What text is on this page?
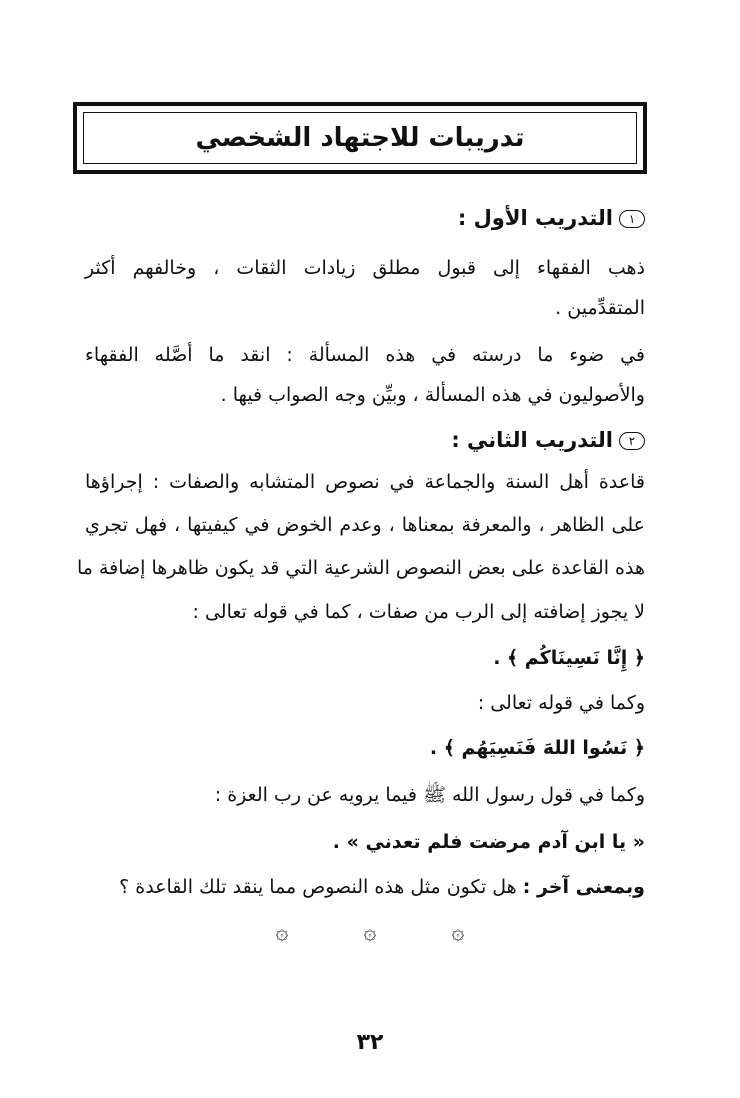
تدريبات للاجتهاد الشخصي
١التدريب الأول :
ذهب الفقهاء إلى قبول مطلق زيادات الثقات ، وخالفهم أكثر
المتقدِّمين .
في ضوء ما درسته في هذه المسألة : انقد ما أصَّله الفقهاء
والأصوليون في هذه المسألة ، وبيِّن وجه الصواب فيها .
٢التدريب الثاني :
قاعدة أهل السنة والجماعة في نصوص المتشابه والصفات : إجراؤها
على الظاهر ، والمعرفة بمعناها ، وعدم الخوض في كيفيتها ، فهل تجري
هذه القاعدة على بعض النصوص الشرعية التي قد يكون ظاهرها إضافة ما
لا يجوز إضافته إلى الرب من صفات ، كما في قوله تعالى :
﴿ إِنَّا نَسِينَاكُم ﴾ .
وكما في قوله تعالى :
﴿ نَسُوا اللهَ فَنَسِيَهُم ﴾ .
وكما في قول رسول الله ﷺ فيما يرويه عن رب العزة :
« يا ابن آدم مرضت فلم تعدني » .
وبمعنى آخر : هل تكون مثل هذه النصوص مما ينقد تلك القاعدة ؟
۞	۞	۞
٣٢
